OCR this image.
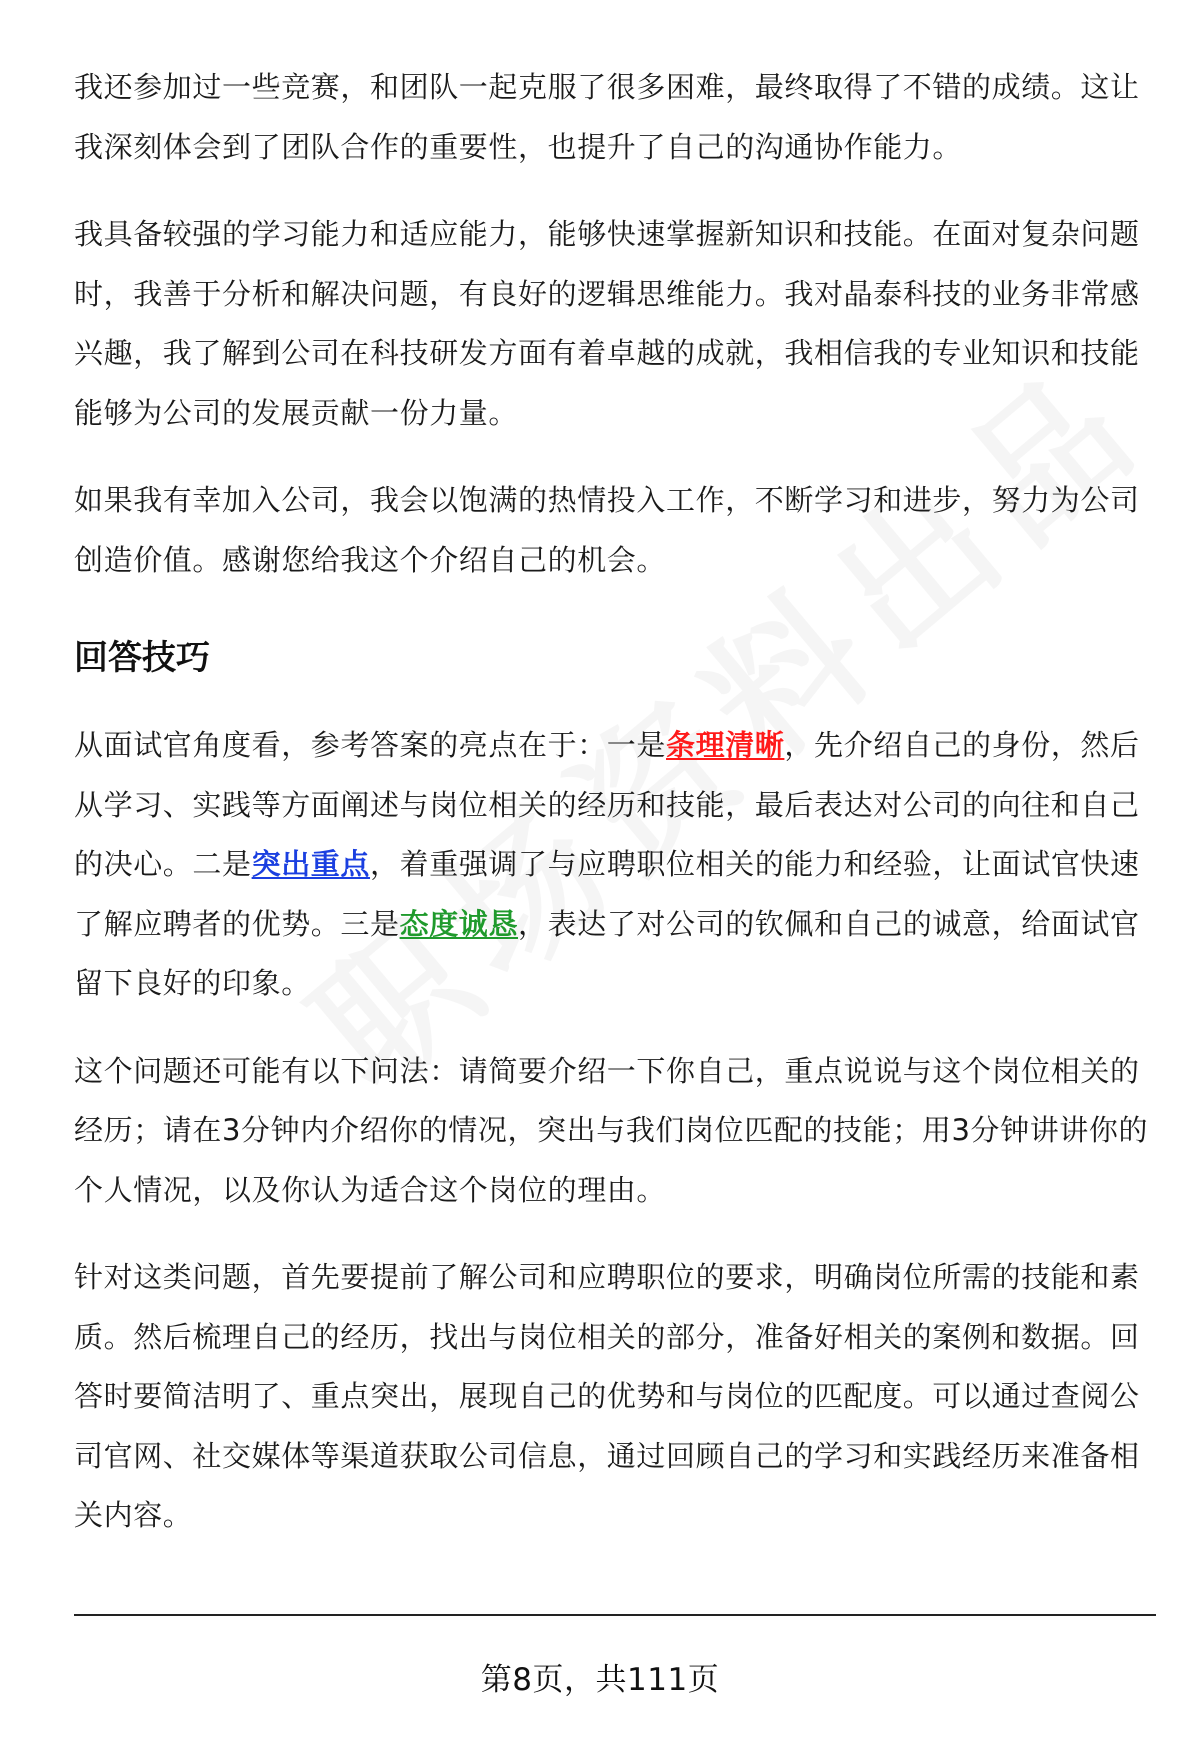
我还参加过一些竞赛，和团队一起克服了很多困难，最终取得了不错的成绩。这让我深刻体会到了团队合作的重要性，也提升了自己的沟通协作能力。

我具备较强的学习能力和适应能力，能够快速掌握新知识和技能。在面对复杂问题时，我善于分析和解决问题，有良好的逻辑思维能力。我对晶泰科技的业务非常感兴趣，我了解到公司在科技研发方面有着卓越的成就，我相信我的专业知识和技能能够为公司的发展贡献一份力量。

如果我有幸加入公司，我会以饱满的热情投入工作，不断学习和进步，努力为公司创造价值。感谢您给我这个介绍自己的机会。

回答技巧

从面试官角度看，参考答案的亮点在于：一是条理清晰，先介绍自己的身份，然后从学习、实践等方面阐述与岗位相关的经历和技能，最后表达对公司的向往和自己的决心。二是突出重点，着重强调了与应聘职位相关的能力和经验，让面试官快速了解应聘者的优势。三是态度诚恳，表达了对公司的钦佩和自己的诚意，给面试官留下良好的印象。

这个问题还可能有以下问法：请简要介绍一下你自己，重点说说与这个岗位相关的经历；请在3分钟内介绍你的情况，突出与我们岗位匹配的技能；用3分钟讲讲你的个人情况，以及你认为适合这个岗位的理由。

针对这类问题，首先要提前了解公司和应聘职位的要求，明确岗位所需的技能和素质。然后梳理自己的经历，找出与岗位相关的部分，准备好相关的案例和数据。回答时要简洁明了、重点突出，展现自己的优势和与岗位的匹配度。可以通过查阅公司官网、社交媒体等渠道获取公司信息，通过回顾自己的学习和实践经历来准备相关内容。

第8页，共111页
